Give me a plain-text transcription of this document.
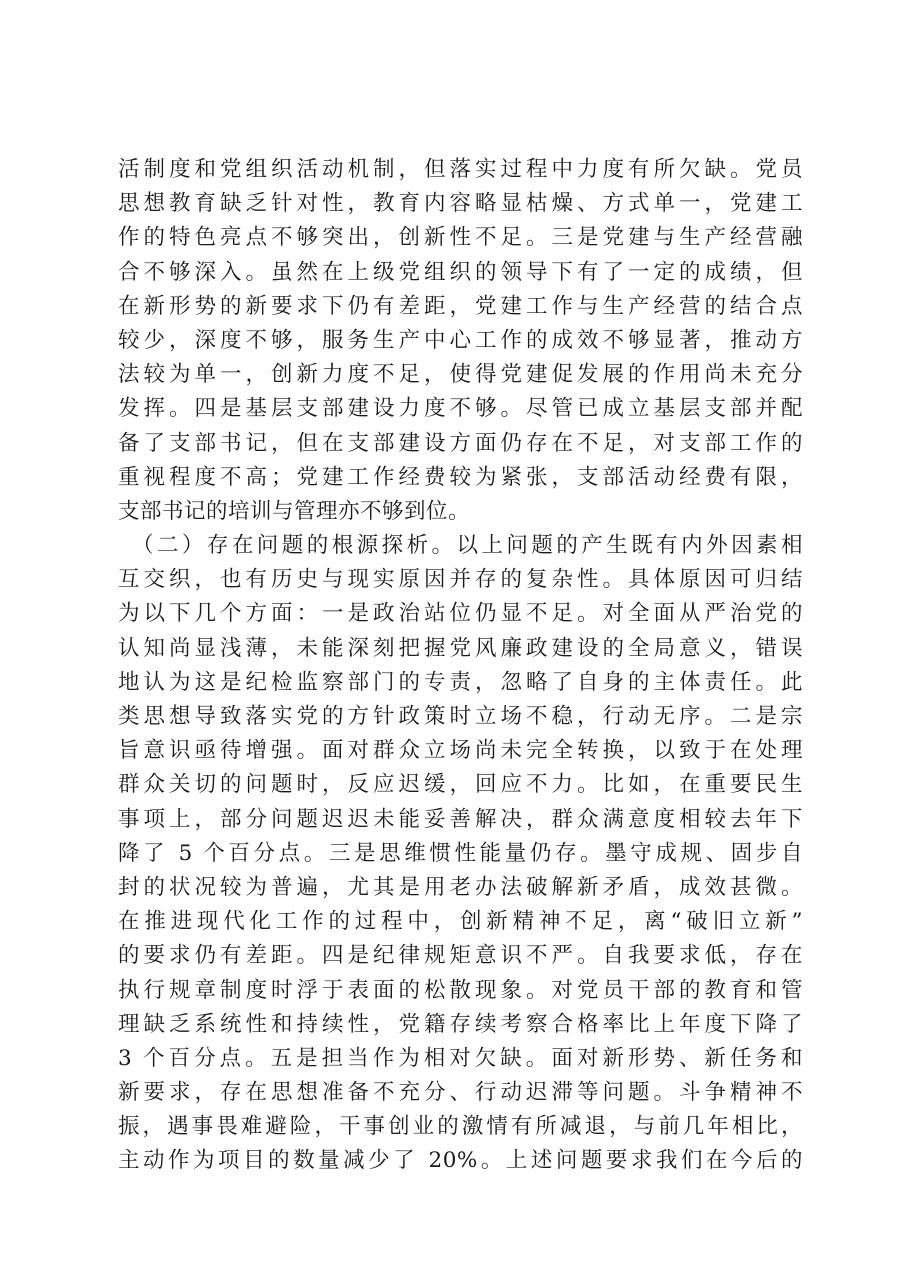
活制度和党组织活动机制，但落实过程中力度有所欠缺。党员
思想教育缺乏针对性，教育内容略显枯燥、方式单一，党建工
作的特色亮点不够突出，创新性不足。三是党建与生产经营融
合不够深入。虽然在上级党组织的领导下有了一定的成绩，但
在新形势的新要求下仍有差距，党建工作与生产经营的结合点
较少，深度不够，服务生产中心工作的成效不够显著，推动方
法较为单一，创新力度不足，使得党建促发展的作用尚未充分
发挥。四是基层支部建设力度不够。尽管已成立基层支部并配
备了支部书记，但在支部建设方面仍存在不足，对支部工作的
重视程度不高；党建工作经费较为紧张，支部活动经费有限，
支部书记的培训与管理亦不够到位。
（二）存在问题的根源探析。以上问题的产生既有内外因素相
互交织，也有历史与现实原因并存的复杂性。具体原因可归结
为以下几个方面：一是政治站位仍显不足。对全面从严治党的
认知尚显浅薄，未能深刻把握党风廉政建设的全局意义，错误
地认为这是纪检监察部门的专责，忽略了自身的主体责任。此
类思想导致落实党的方针政策时立场不稳，行动无序。二是宗
旨意识亟待增强。面对群众立场尚未完全转换，以致于在处理
群众关切的问题时，反应迟缓，回应不力。比如，在重要民生
事项上，部分问题迟迟未能妥善解决，群众满意度相较去年下
降了 5 个百分点。三是思维惯性能量仍存。墨守成规、固步自
封的状况较为普遍，尤其是用老办法破解新矛盾，成效甚微。
在推进现代化工作的过程中，创新精神不足，离“破旧立新”
的要求仍有差距。四是纪律规矩意识不严。自我要求低，存在
执行规章制度时浮于表面的松散现象。对党员干部的教育和管
理缺乏系统性和持续性，党籍存续考察合格率比上年度下降了
3 个百分点。五是担当作为相对欠缺。面对新形势、新任务和
新要求，存在思想准备不充分、行动迟滞等问题。斗争精神不
振，遇事畏难避险，干事创业的激情有所减退，与前几年相比，
主动作为项目的数量减少了 20%。上述问题要求我们在今后的
